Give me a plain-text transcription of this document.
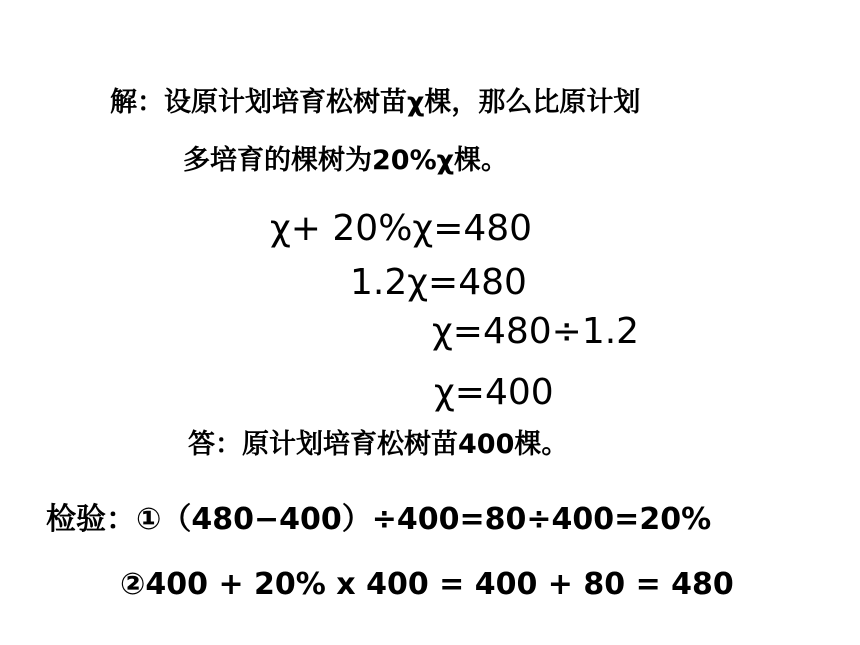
解：设原计划培育松树苗χ棵，那么比原计划
多培育的棵树为20%χ棵。
χ+ 20%χ=480
1.2χ=480
χ=480÷1.2
χ=400
答：原计划培育松树苗400棵。
检验：①（480−400）÷400=80÷400=20%
②400 + 20% x 400 = 400 + 80 = 480
